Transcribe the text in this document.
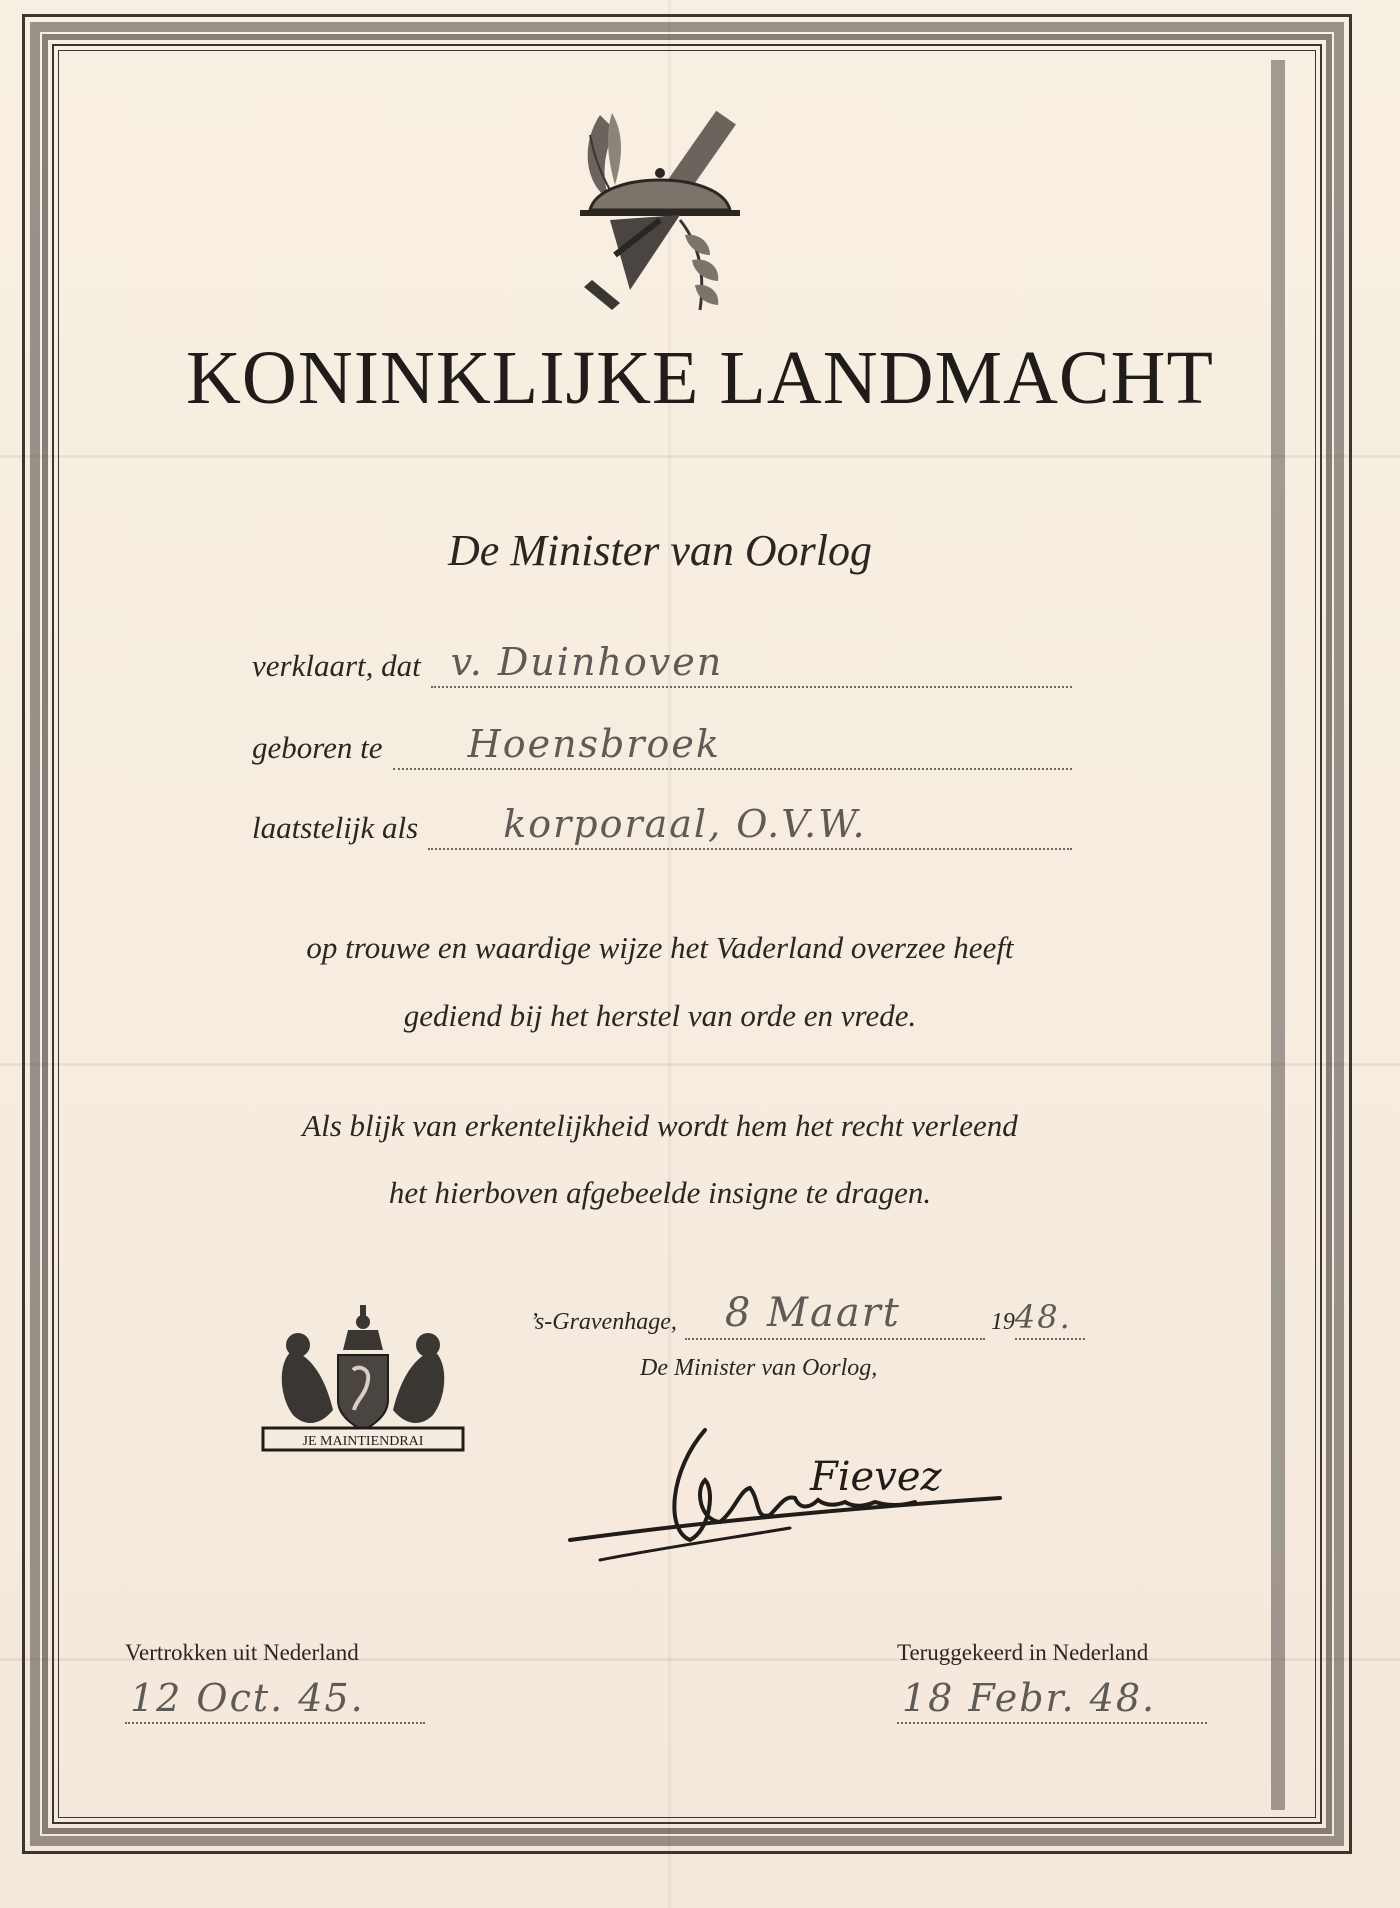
KONINKLIJKE LANDMACHT
De Minister van Oorlog
verklaart, dat v. Duinhoven
geboren te Hoensbroek
laatstelijk als korporaal, O.V.W.

op trouwe en waardige wijze het Vaderland overzee heeft

gediend bij het herstel van orde en vrede.

Als blijk van erkentelijkheid wordt hem het recht verleend

het hierboven afgebeelde insigne te dragen.

’s-Gravenhage, 8 Maart	19 48.
De Minister van Oorlog,
Fievez
JE MAINTIENDRAI
Vertrokken uit Nederland
12 Oct. 45.
Teruggekeerd in Nederland
18 Febr. 48.
